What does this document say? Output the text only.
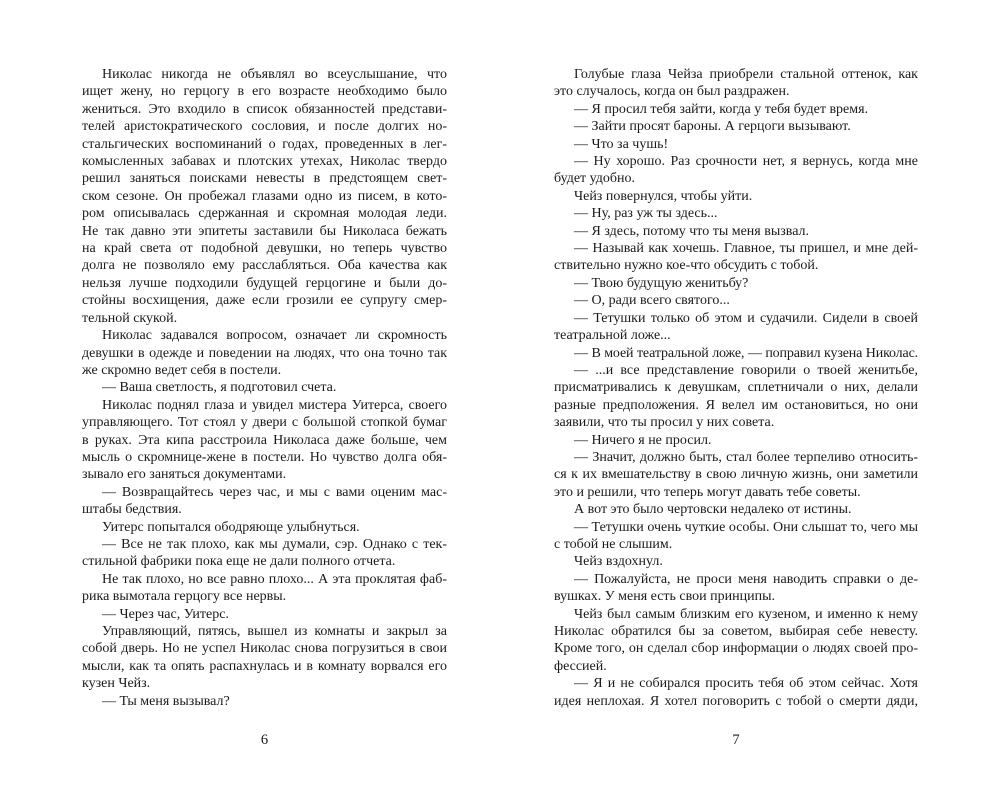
Николас никогда не объявлял во всеуслышание, что
ищет жену, но герцогу в его возрасте необходимо было
жениться. Это входило в список обязанностей представи-
телей аристократического сословия, и после долгих но-
стальгических воспоминаний о годах, проведенных в лег-
комысленных забавах и плотских утехах, Николас твердо
решил заняться поисками невесты в предстоящем свет-
ском сезоне. Он пробежал глазами одно из писем, в кото-
ром описывалась сдержанная и скромная молодая леди.
Не так давно эти эпитеты заставили бы Николаса бежать
на край света от подобной девушки, но теперь чувство
долга не позволяло ему расслабляться. Оба качества как
нельзя лучше подходили будущей герцогине и были до-
стойны восхищения, даже если грозили ее супругу смер-
тельной скукой.
Николас задавался вопросом, означает ли скромность
девушки в одежде и поведении на людях, что она точно так
же скромно ведет себя в постели.
— Ваша светлость, я подготовил счета.
Николас поднял глаза и увидел мистера Уитерса, своего
управляющего. Тот стоял у двери с большой стопкой бумаг
в руках. Эта кипа расстроила Николаса даже больше, чем
мысль о скромнице-жене в постели. Но чувство долга обя-
зывало его заняться документами.
— Возвращайтесь через час, и мы с вами оценим мас-
штабы бедствия.
Уитерс попытался ободряюще улыбнуться.
— Все не так плохо, как мы думали, сэр. Однако с тек-
стильной фабрики пока еще не дали полного отчета.
Не так плохо, но все равно плохо... А эта проклятая фаб-
рика вымотала герцогу все нервы.
— Через час, Уитерс.
Управляющий, пятясь, вышел из комнаты и закрыл за
собой дверь. Но не успел Николас снова погрузиться в свои
мысли, как та опять распахнулась и в комнату ворвался его
кузен Чейз.
— Ты меня вызывал?
6
Голубые глаза Чейза приобрели стальной оттенок, как
это случалось, когда он был раздражен.
— Я просил тебя зайти, когда у тебя будет время.
— Зайти просят бароны. А герцоги вызывают.
— Что за чушь!
— Ну хорошо. Раз срочности нет, я вернусь, когда мне
будет удобно.
Чейз повернулся, чтобы уйти.
— Ну, раз уж ты здесь...
— Я здесь, потому что ты меня вызвал.
— Называй как хочешь. Главное, ты пришел, и мне дей-
ствительно нужно кое-что обсудить с тобой.
— Твою будущую женитьбу?
— О, ради всего святого...
— Тетушки только об этом и судачили. Сидели в своей
театральной ложе...
— В моей театральной ложе, — поправил кузена Николас.
— ...и все представление говорили о твоей женитьбе,
присматривались к девушкам, сплетничали о них, делали
разные предположения. Я велел им остановиться, но они
заявили, что ты просил у них совета.
— Ничего я не просил.
— Значит, должно быть, стал более терпеливо относить-
ся к их вмешательству в свою личную жизнь, они заметили
это и решили, что теперь могут давать тебе советы.
А вот это было чертовски недалеко от истины.
— Тетушки очень чуткие особы. Они слышат то, чего мы
с тобой не слышим.
Чейз вздохнул.
— Пожалуйста, не проси меня наводить справки о де-
вушках. У меня есть свои принципы.
Чейз был самым близким его кузеном, и именно к нему
Николас обратился бы за советом, выбирая себе невесту.
Кроме того, он сделал сбор информации о людях своей про-
фессией.
— Я и не собирался просить тебя об этом сейчас. Хотя
идея неплохая. Я хотел поговорить с тобой о смерти дяди,
7
